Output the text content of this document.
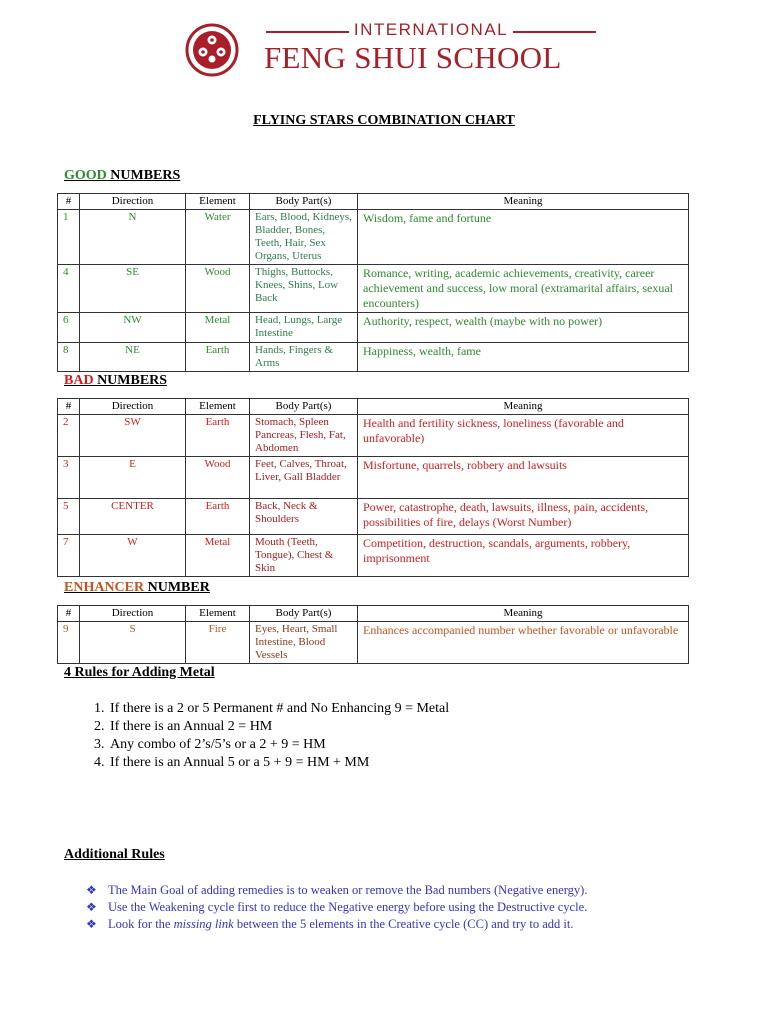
INTERNATIONAL
FENG SHUI SCHOOL
FLYING STARS COMBINATION CHART
GOOD NUMBERS
#	Direction	Element	Body Part(s)	Meaning
1	N	Water	Ears, Blood, Kidneys, Bladder, Bones, Teeth, Hair, Sex Organs, Uterus	Wisdom, fame and fortune
4	SE	Wood	Thighs, Buttocks, Knees, Shins, Low Back	Romance, writing, academic achievements, creativity, career achievement and success, low moral (extramarital affairs, sexual encounters)
6	NW	Metal	Head, Lungs, Large Intestine	Authority, respect, wealth (maybe with no power)
8	NE	Earth	Hands, Fingers & Arms	Happiness, wealth, fame
BAD NUMBERS
#	Direction	Element	Body Part(s)	Meaning
2	SW	Earth	Stomach, Spleen Pancreas, Flesh, Fat, Abdomen	Health and fertility sickness, loneliness (favorable and unfavorable)
3	E	Wood	Feet, Calves, Throat, Liver, Gall Bladder	Misfortune, quarrels, robbery and lawsuits
5	CENTER	Earth	Back, Neck & Shoulders	Power, catastrophe, death, lawsuits, illness, pain, accidents, possibilities of fire, delays (Worst Number)
7	W	Metal	Mouth (Teeth, Tongue), Chest & Skin	Competition, destruction, scandals, arguments, robbery, imprisonment
ENHANCER NUMBER
#	Direction	Element	Body Part(s)	Meaning
9	S	Fire	Eyes, Heart, Small Intestine, Blood Vessels	Enhances accompanied number whether favorable or unfavorable
4 Rules for Adding Metal
1. If there is a 2 or 5 Permanent # and No Enhancing 9 = Metal
2. If there is an Annual 2 = HM
3. Any combo of 2’s/5’s or a 2 + 9 = HM
4. If there is an Annual 5 or a 5 + 9 = HM + MM
Additional Rules
❖ The Main Goal of adding remedies is to weaken or remove the Bad numbers (Negative energy).
❖ Use the Weakening cycle first to reduce the Negative energy before using the Destructive cycle.
❖ Look for the missing link between the 5 elements in the Creative cycle (CC) and try to add it.
